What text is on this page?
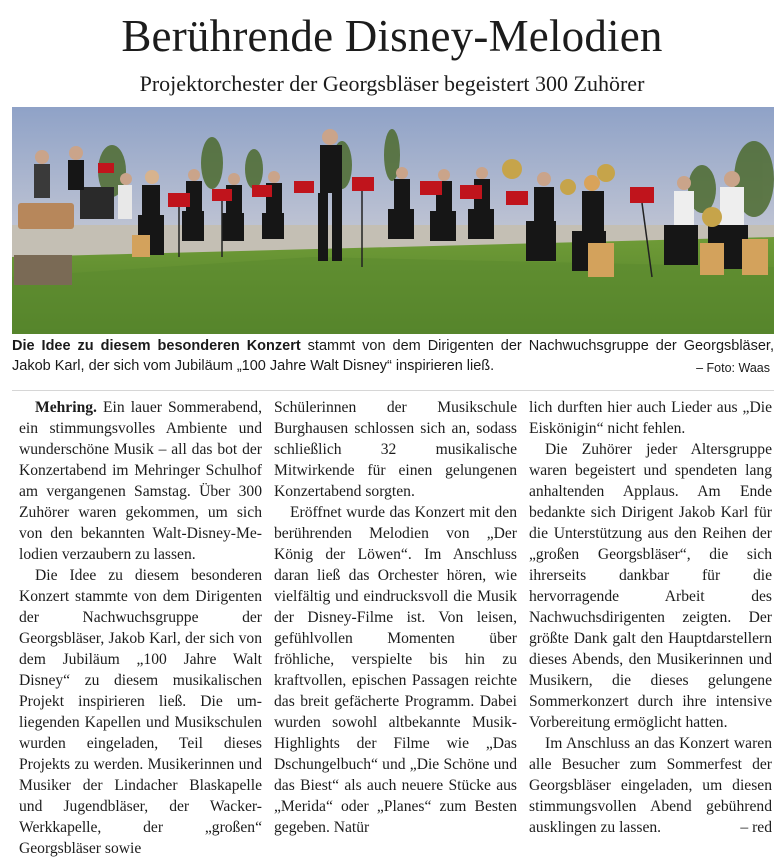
Berührende Disney-Melodien
Projektorchester der Georgsbläser begeistert 300 Zuhörer
Die Idee zu diesem besonderen Konzert stammt von dem Dirigenten der Nachwuchsgruppe der Georgsbläser, Jakob Karl, der sich vom Jubiläum „100 Jahre Walt Disney“ inspirieren ließ.	– Foto: Waas

Mehring. Ein lauer Sommerabend, ein stimmungsvolles Ambiente und wunderschöne Musik – all das bot der Konzertabend im Mehringer Schulhof am vergangenen Samstag. Über 300 Zuhörer waren gekommen, um sich von den bekannten Walt-Disney-Melodien verzaubern zu lassen.

Die Idee zu diesem besonderen Konzert stammte von dem Dirigenten der Nachwuchsgruppe der Georgsbläser, Jakob Karl, der sich von dem Jubiläum „100 Jahre Walt Disney“ zu diesem musikalischen Projekt inspirieren ließ. Die umliegenden Kapellen und Musikschulen wurden eingeladen, Teil dieses Projekts zu werden. Musikerinnen und Musiker der Lindacher Blaskapelle und Jugendbläser, der Wacker-Werkkapelle, der „großen“ Georgsbläser sowie

Schülerinnen der Musikschule Burghausen schlossen sich an, sodass schließlich 32 musikalische Mitwirkende für einen gelungenen Konzertabend sorgten.

Eröffnet wurde das Konzert mit den berührenden Melodien von „Der König der Löwen“. Im Anschluss daran ließ das Orchester hören, wie vielfältig und eindrucksvoll die Musik der Disney-Filme ist. Von leisen, gefühlvollen Momenten über fröhliche, verspielte bis hin zu kraftvollen, epischen Passagen reichte das breit gefächerte Programm. Dabei wurden sowohl altbekannte Musik-Highlights der Filme wie „Das Dschungelbuch“ und „Die Schöne und das Biest“ als auch neuere Stücke aus „Merida“ oder „Planes“ zum Besten gegeben. Natür

lich durften hier auch Lieder aus „Die Eiskönigin“ nicht fehlen.

Die Zuhörer jeder Altersgruppe waren begeistert und spendeten lang anhaltenden Applaus. Am Ende bedankte sich Dirigent Jakob Karl für die Unterstützung aus den Reihen der „großen Georgsbläser“, die sich ihrerseits dankbar für die hervorragende Arbeit des Nachwuchsdirigenten zeigten. Der größte Dank galt den Hauptdarstellern dieses Abends, den Musikerinnen und Musikern, die dieses gelungene Sommerkonzert durch ihre intensive Vorbereitung ermöglicht hatten.

Im Anschluss an das Konzert waren alle Besucher zum Sommerfest der Georgsbläser eingeladen, um diesen stimmungsvollen Abend gebührend ausklingen zu lassen.	– red
